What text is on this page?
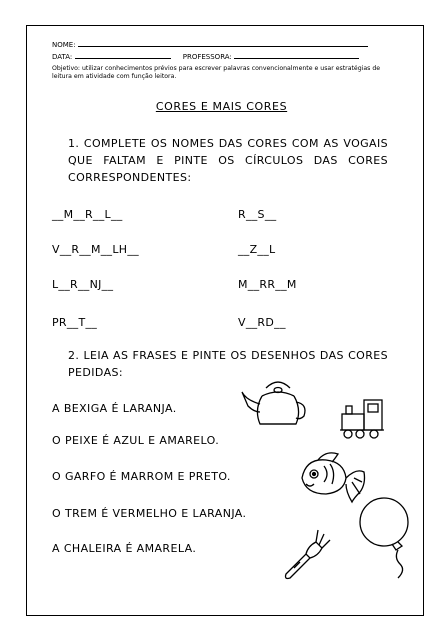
NOME:
DATA:	PROFESSORA:
Objetivo: utilizar conhecimentos prévios para escrever palavras convencionalmente e usar estratégias de leitura em atividade com função leitora.
CORES E MAIS CORES
1. COMPLETE OS NOMES DAS CORES COM AS VOGAIS QUE FALTAM E PINTE OS CÍRCULOS DAS CORES CORRESPONDENTES:
__M__R__L__
V__R__M__LH__
L__R__NJ__
PR__T__
R__S__
__Z__L
M__RR__M
V__RD__
2. LEIA AS FRASES E PINTE OS DESENHOS DAS CORES PEDIDAS:
A BEXIGA É LARANJA.
O PEIXE É AZUL E AMARELO.
O GARFO É MARROM E PRETO.
O TREM É VERMELHO E LARANJA.
A CHALEIRA É AMARELA.
